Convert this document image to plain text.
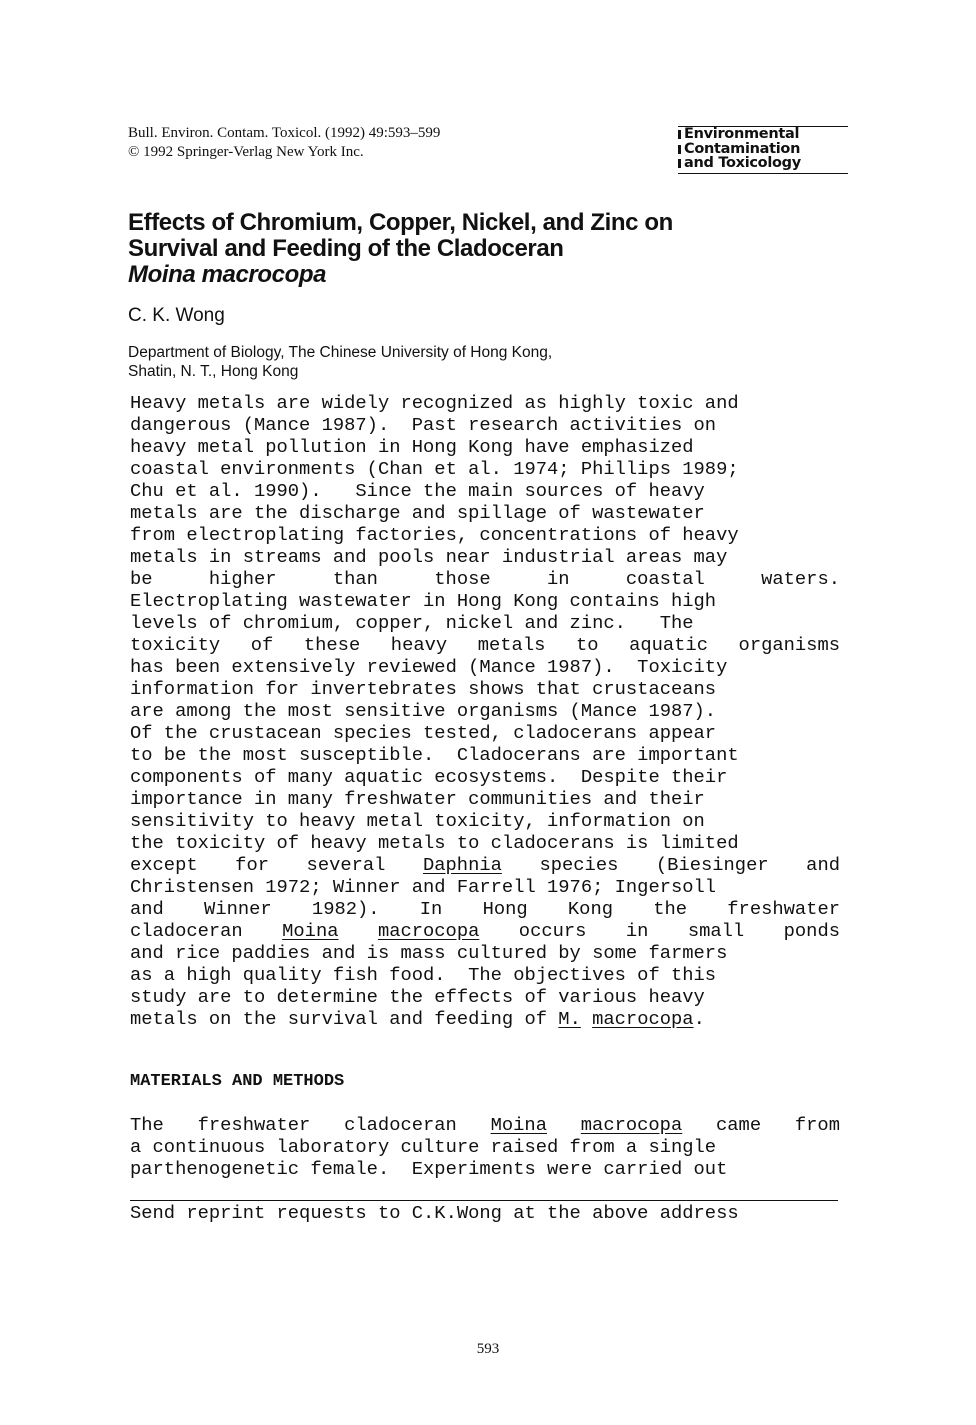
Bull. Environ. Contam. Toxicol. (1992) 49:593–599
© 1992 Springer-Verlag New York Inc.
Environmental
Contamination
and Toxicology
Effects of Chromium, Copper, Nickel, and Zinc on
Survival and Feeding of the Cladoceran
Moina macrocopa
C. K. Wong
Department of Biology, The Chinese University of Hong Kong,
Shatin, N. T., Hong Kong
Heavy metals are widely recognized as highly toxic and
dangerous (Mance 1987).  Past research activities on
heavy metal pollution in Hong Kong have emphasized
coastal environments (Chan et al. 1974; Phillips 1989;
Chu et al. 1990).   Since the main sources of heavy
metals are the discharge and spillage of wastewater
from electroplating factories, concentrations of heavy
metals in streams and pools near industrial areas may
be higher than those in coastal waters.
Electroplating wastewater in Hong Kong contains high
levels of chromium, copper, nickel and zinc.   The
toxicity of these heavy metals to aquatic organisms
has been extensively reviewed (Mance 1987).  Toxicity
information for invertebrates shows that crustaceans
are among the most sensitive organisms (Mance 1987).
Of the crustacean species tested, cladocerans appear
to be the most susceptible.  Cladocerans are important
components of many aquatic ecosystems.  Despite their
importance in many freshwater communities and their
sensitivity to heavy metal toxicity, information on
the toxicity of heavy metals to cladocerans is limited
except for several Daphnia species (Biesinger and
Christensen 1972; Winner and Farrell 1976; Ingersoll
and Winner 1982). In Hong Kong the freshwater
cladoceran Moina macrocopa occurs in small ponds
and rice paddies and is mass cultured by some farmers
as a high quality fish food.  The objectives of this
study are to determine the effects of various heavy
metals on the survival and feeding of M. macrocopa.
MATERIALS AND METHODS
The freshwater cladoceran Moina macrocopa came from
a continuous laboratory culture raised from a single
parthenogenetic female.  Experiments were carried out
Send reprint requests to C.K.Wong at the above address
593
